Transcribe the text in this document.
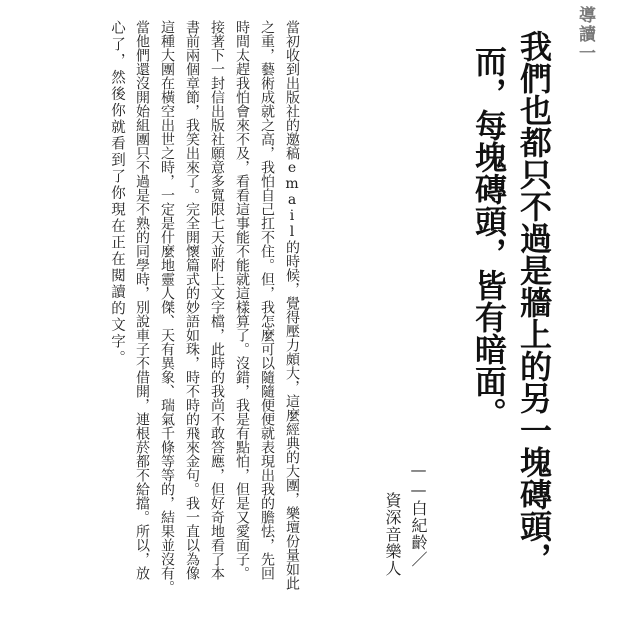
導讀一

我們也都只不過是牆上的另一塊磚頭，

而，每塊磚頭，皆有暗面。

——白紀齡／

資深音樂人

當初收到出版社的邀稿email的時候，覺得壓力頗大，這麼經典的大團，樂壇份量如此

之重，藝術成就之高，我怕自己扛不住。但，我怎麼可以隨隨便便就表現出我的膽怯，先回

時間太趕我怕會來不及，看看這事能不能就這樣算了。沒錯，我是有點怕，但是又愛面子。

接著下一封信出版社願意多寬限七天並附上文字檔，此時的我尚不敢答應，但好奇地看了本

書前兩個章節，我笑出來了。完全開懷篇式的妙語如珠，時不時的飛來金句。我一直以為像

這種大團在橫空出世之時，一定是什麼地靈人傑、天有異象、瑞氣千條等等的，結果並沒有。

當他們還沒開始組團只不過是不熟的同學時，別說車子不借開，連根菸都不給擋。所以，放

心了，然後你就看到了你現在正在閱讀的文字。
